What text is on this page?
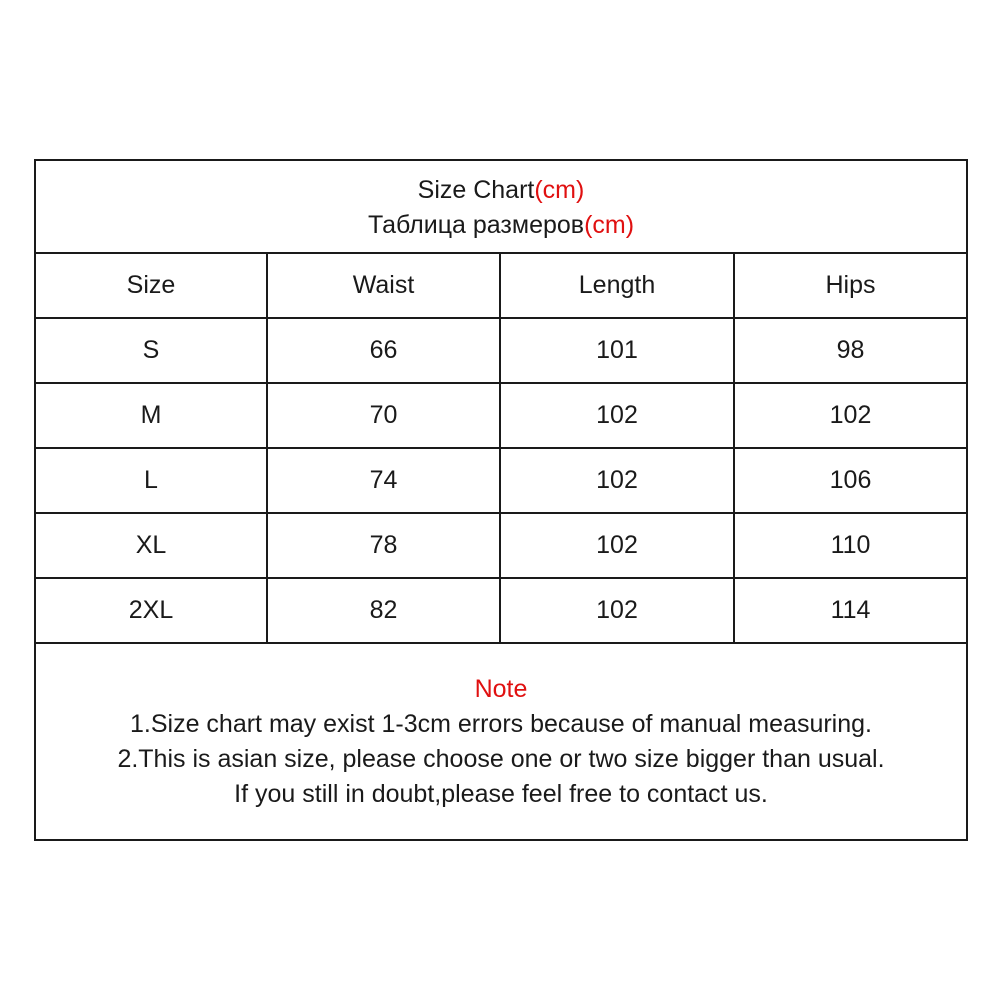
Size Chart(cm)
Таблица размеров(cm)
Size	Waist	Length	Hips
S	66	101	98
M	70	102	102
L	74	102	106
XL	78	102	110
2XL	82	102	114
Note
1.Size chart may exist 1-3cm errors because of manual measuring.
2.This is asian size, please choose one or two size bigger than usual.
If you still in doubt,please feel free to contact us.
